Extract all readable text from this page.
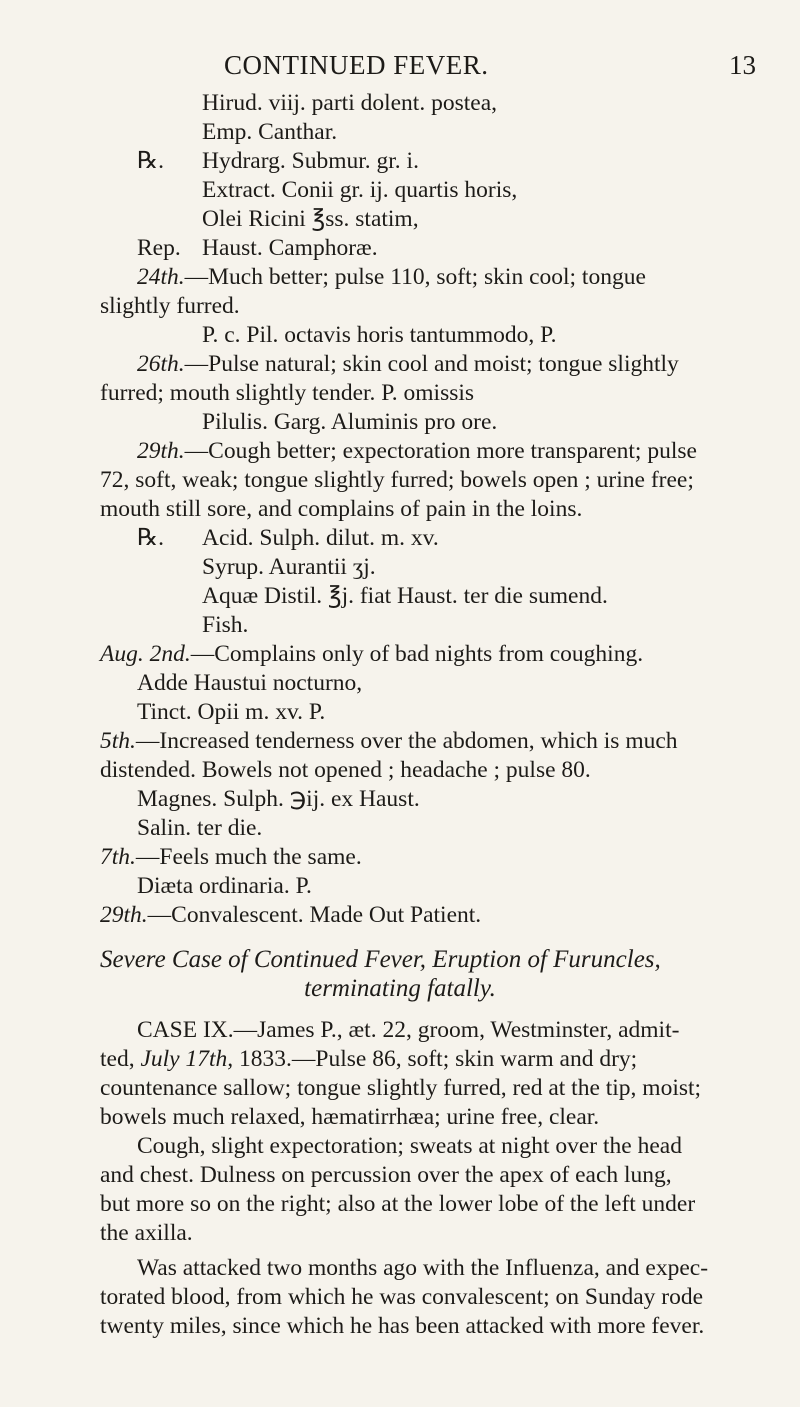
CONTINUED FEVER.	13
Hirud. viij. parti dolent. postea,
Emp. Canthar.
℞. Hydrarg. Submur. gr. i.
Extract. Conii gr. ij. quartis horis,
Olei Ricini ℥ss. statim,
Rep. Haust. Camphoræ.
24th.—Much better; pulse 110, soft; skin cool; tongue
slightly furred.
P. c. Pil. octavis horis tantummodo, P.
26th.—Pulse natural; skin cool and moist; tongue slightly
furred; mouth slightly tender. P. omissis
Pilulis. Garg. Aluminis pro ore.
29th.—Cough better; expectoration more transparent; pulse
72, soft, weak; tongue slightly furred; bowels open ; urine free;
mouth still sore, and complains of pain in the loins.
℞. Acid. Sulph. dilut. m. xv.
Syrup. Aurantii ʒj.
Aquæ Distil. ℥j. fiat Haust. ter die sumend.
Fish.
Aug. 2nd.—Complains only of bad nights from coughing.
Adde Haustui nocturno,
Tinct. Opii m. xv. P.
5th.—Increased tenderness over the abdomen, which is much
distended. Bowels not opened ; headache ; pulse 80.
Magnes. Sulph. ℈ij. ex Haust.
Salin. ter die.
7th.—Feels much the same.
Diæta ordinaria. P.
29th.—Convalescent. Made Out Patient.
Severe Case of Continued Fever, Eruption of Furuncles,
terminating fatally.
CASE IX.—James P., æt. 22, groom, Westminster, admit-
ted, July 17th, 1833.—Pulse 86, soft; skin warm and dry;
countenance sallow; tongue slightly furred, red at the tip, moist;
bowels much relaxed, hæmatirrhæa; urine free, clear.
Cough, slight expectoration; sweats at night over the head
and chest. Dulness on percussion over the apex of each lung,
but more so on the right; also at the lower lobe of the left under
the axilla.
Was attacked two months ago with the Influenza, and expec-
torated blood, from which he was convalescent; on Sunday rode
twenty miles, since which he has been attacked with more fever.
